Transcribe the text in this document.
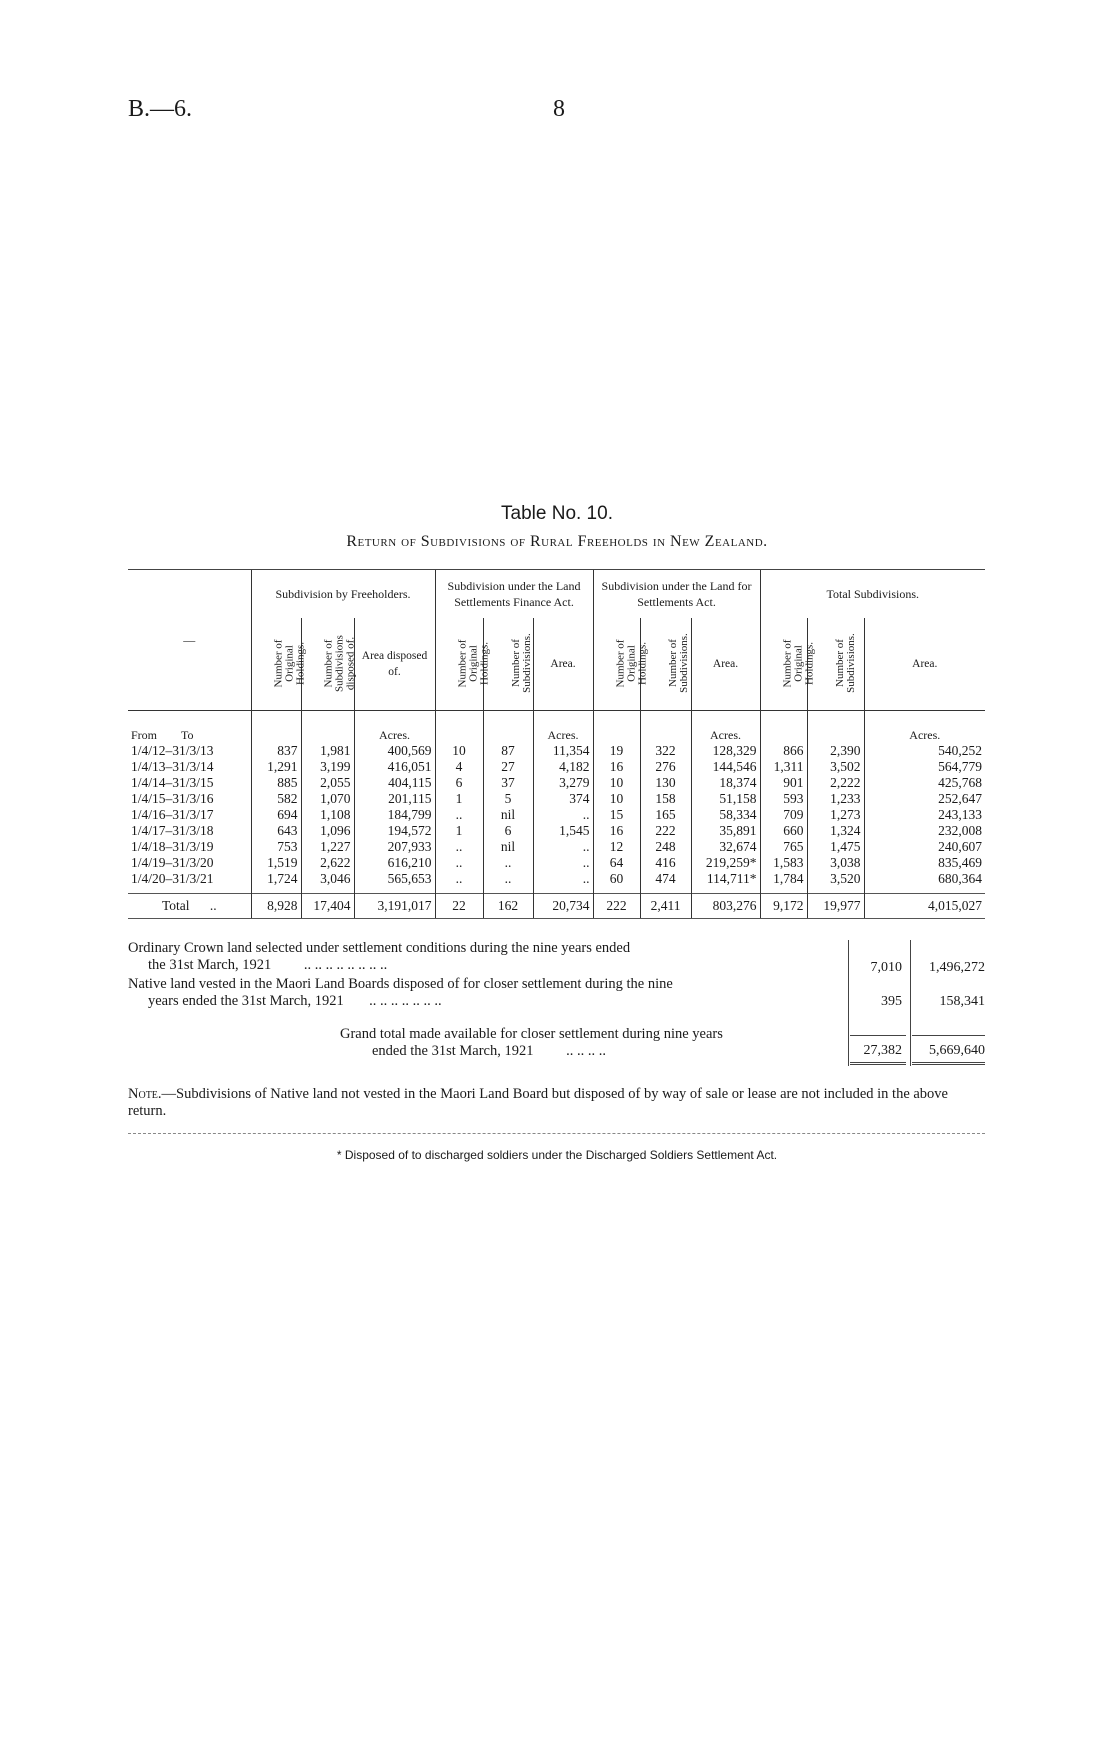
B.—6.	8
Table No. 10.
Return of Subdivisions of Rural Freeholds in New Zealand.
—	Subdivision by Freeholders.			Subdivision under the Land Settlements Finance Act.			Subdivision under the Land for Settlements Act.			Total Subdivisions.		
	Number of Original Holdings.	Number of Subdivisions disposed of.	Area disposed of.	Number of Original Holdings.	Number of Subdivisions.	Area.	Number of Original Holdings.	Number of Subdivisions.	Area.	Number of Original Holdings.	Number of Subdivisions.	Area.
From To			Acres.			Acres.			Acres.			Acres.
1/4/12–31/3/13	837	1,981	400,569	10	87	11,354	19	322	128,329	866	2,390	540,252
1/4/13–31/3/14	1,291	3,199	416,051	4	27	4,182	16	276	144,546	1,311	3,502	564,779
1/4/14–31/3/15	885	2,055	404,115	6	37	3,279	10	130	18,374	901	2,222	425,768
1/4/15–31/3/16	582	1,070	201,115	1	5	374	10	158	51,158	593	1,233	252,647
1/4/16–31/3/17	694	1,108	184,799	..	nil	..	15	165	58,334	709	1,273	243,133
1/4/17–31/3/18	643	1,096	194,572	1	6	1,545	16	222	35,891	660	1,324	232,008
1/4/18–31/3/19	753	1,227	207,933	..	nil	..	12	248	32,674	765	1,475	240,607
1/4/19–31/3/20	1,519	2,622	616,210	..	..	..	64	416	219,259*	1,583	3,038	835,469
1/4/20–31/3/21	1,724	3,046	565,653	..	..	..	60	474	114,711*	1,784	3,520	680,364

Total ..	8,928	17,404	3,191,017	22	162	20,734	222	2,411	803,276	9,172	19,977	4,015,027
Ordinary Crown land selected under settlement conditions during the nine years ended
the 31st March, 1921 .. .. .. .. .. .. .. ..	7,010	1,496,272
Native land vested in the Maori Land Boards disposed of for closer settlement during the nine
years ended the 31st March, 1921 .. .. .. .. .. .. ..	395	158,341
Grand total made available for closer settlement during nine years
ended the 31st March, 1921 .. .. .. ..	27,382	5,669,640
Note.—Subdivisions of Native land not vested in the Maori Land Board but disposed of by way of sale or lease are not included in the above return.
* Disposed of to discharged soldiers under the Discharged Soldiers Settlement Act.
